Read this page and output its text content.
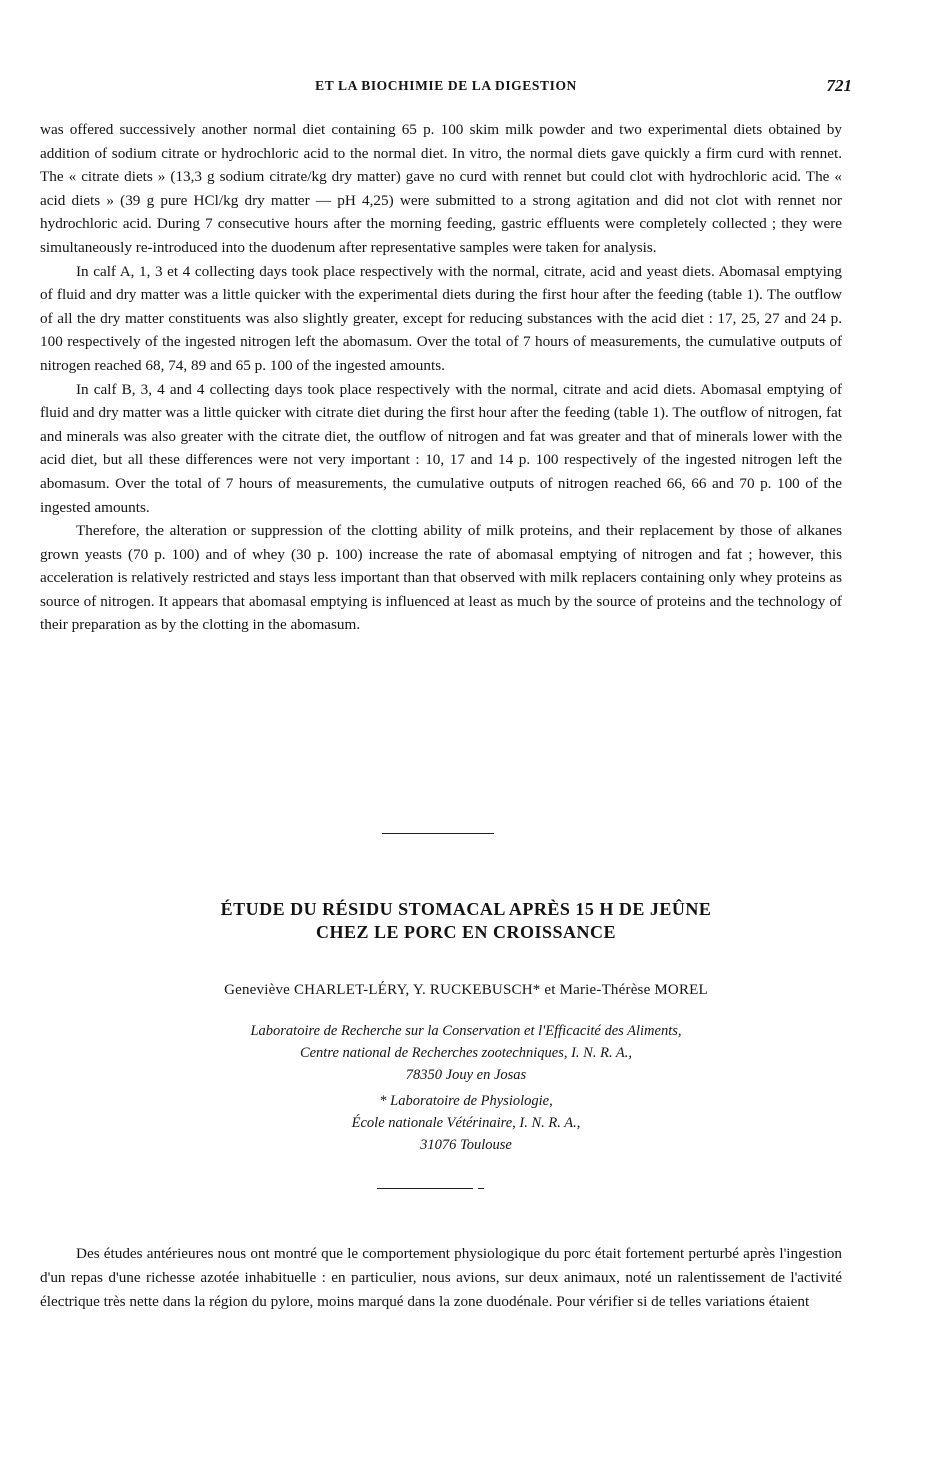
ET LA BIOCHIMIE DE LA DIGESTION	721

was offered successively another normal diet containing 65 p. 100 skim milk powder and two experimental diets obtained by addition of sodium citrate or hydrochloric acid to the normal diet. In vitro, the normal diets gave quickly a firm curd with rennet. The « citrate diets » (13,3 g sodium citrate/kg dry matter) gave no curd with rennet but could clot with hydrochloric acid. The « acid diets » (39 g pure HCl/kg dry matter — pH 4,25) were submitted to a strong agitation and did not clot with rennet nor hydrochloric acid. During 7 consecutive hours after the morning feeding, gastric effluents were completely collected ; they were simultaneously re-introduced into the duodenum after representative samples were taken for analysis.

In calf A, 1, 3 et 4 collecting days took place respectively with the normal, citrate, acid and yeast diets. Abomasal emptying of fluid and dry matter was a little quicker with the experimental diets during the first hour after the feeding (table 1). The outflow of all the dry matter constituents was also slightly greater, except for reducing substances with the acid diet : 17, 25, 27 and 24 p. 100 respectively of the ingested nitrogen left the abomasum. Over the total of 7 hours of measurements, the cumulative outputs of nitrogen reached 68, 74, 89 and 65 p. 100 of the ingested amounts.

In calf B, 3, 4 and 4 collecting days took place respectively with the normal, citrate and acid diets. Abomasal emptying of fluid and dry matter was a little quicker with citrate diet during the first hour after the feeding (table 1). The outflow of nitrogen, fat and minerals was also greater with the citrate diet, the outflow of nitrogen and fat was greater and that of minerals lower with the acid diet, but all these differences were not very important : 10, 17 and 14 p. 100 respectively of the ingested nitrogen left the abomasum. Over the total of 7 hours of measurements, the cumulative outputs of nitrogen reached 66, 66 and 70 p. 100 of the ingested amounts.

Therefore, the alteration or suppression of the clotting ability of milk proteins, and their replacement by those of alkanes grown yeasts (70 p. 100) and of whey (30 p. 100) increase the rate of abomasal emptying of nitrogen and fat ; however, this acceleration is relatively restricted and stays less important than that observed with milk replacers containing only whey proteins as source of nitrogen. It appears that abomasal emptying is influenced at least as much by the source of proteins and the technology of their preparation as by the clotting in the abomasum.

ÉTUDE DU RÉSIDU STOMACAL APRÈS 15 H DE JEÛNE
CHEZ LE PORC EN CROISSANCE
Geneviève CHARLET-LÉRY, Y. RUCKEBUSCH* et Marie-Thérèse MOREL
Laboratoire de Recherche sur la Conservation et l'Efficacité des Aliments,
Centre national de Recherches zootechniques, I. N. R. A.,
78350 Jouy en Josas
* Laboratoire de Physiologie,
École nationale Vétérinaire, I. N. R. A.,
31076 Toulouse

Des études antérieures nous ont montré que le comportement physiologique du porc était fortement perturbé après l'ingestion d'un repas d'une richesse azotée inhabituelle : en particulier, nous avions, sur deux animaux, noté un ralentissement de l'activité électrique très nette dans la région du pylore, moins marqué dans la zone duodénale. Pour vérifier si de telles variations étaient
